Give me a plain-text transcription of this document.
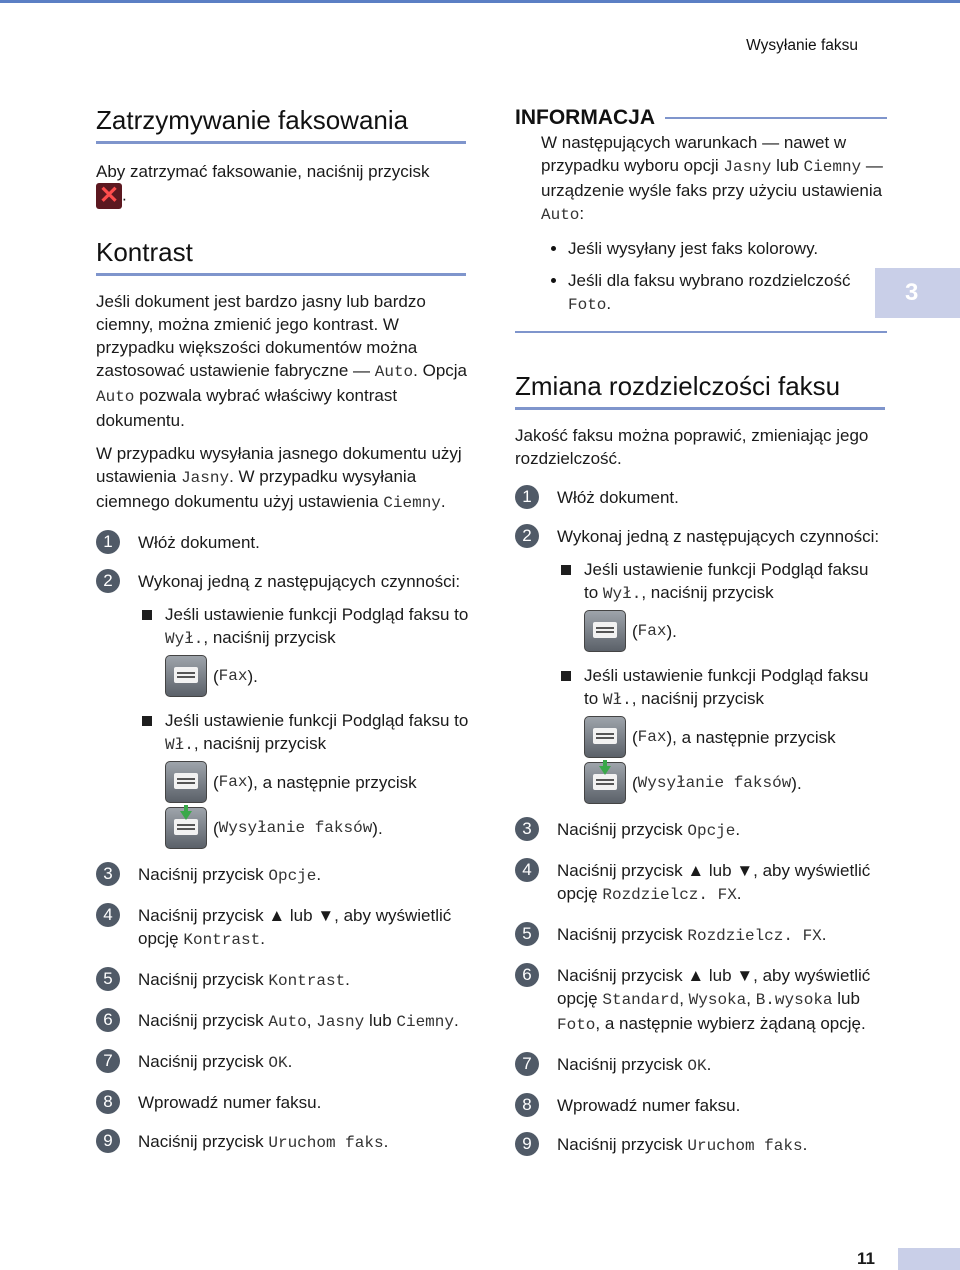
Wysyłanie faksu
3
11
Zatrzymywanie faksowania

Aby zatrzymać faksowanie, naciśnij przycisk

✕ .

Kontrast

Jeśli dokument jest bardzo jasny lub bardzo ciemny, można zmienić jego kontrast. W przypadku większości dokumentów można zastosować ustawienie fabryczne — Auto. Opcja Auto pozwala wybrać właściwy kontrast dokumentu.

W przypadku wysyłania jasnego dokumentu użyj ustawienia Jasny. W przypadku wysyłania ciemnego dokumentu użyj ustawienia Ciemny.

1	Włóż dokument.
2	Wykonaj jedną z następujących czynności:
Jeśli ustawienie funkcji Podgląd faksu to Wył., naciśnij przycisk
( Fax ).
Jeśli ustawienie funkcji Podgląd faksu to Wł., naciśnij przycisk
( Fax ), a następnie przycisk
( Wysyłanie faksów ).
3	Naciśnij przycisk Opcje.
4	Naciśnij przycisk ▲ lub ▼, aby wyświetlić opcję Kontrast.
5	Naciśnij przycisk Kontrast.
6	Naciśnij przycisk Auto, Jasny lub Ciemny.
7	Naciśnij przycisk OK.
8	Wprowadź numer faksu.
9	Naciśnij przycisk Uruchom faks.
INFORMACJA

W następujących warunkach — nawet w przypadku wyboru opcji Jasny lub Ciemny — urządzenie wyśle faks przy użyciu ustawienia Auto:

Jeśli wysyłany jest faks kolorowy.
Jeśli dla faksu wybrano rozdzielczość Foto.
Zmiana rozdzielczości faksu

Jakość faksu można poprawić, zmieniając jego rozdzielczość.

1	Włóż dokument.
2	Wykonaj jedną z następujących czynności:
Jeśli ustawienie funkcji Podgląd faksu to Wył., naciśnij przycisk
( Fax ).
Jeśli ustawienie funkcji Podgląd faksu to Wł., naciśnij przycisk
( Fax ), a następnie przycisk
( Wysyłanie faksów ).
3	Naciśnij przycisk Opcje.
4	Naciśnij przycisk ▲ lub ▼, aby wyświetlić opcję Rozdzielcz. FX.
5	Naciśnij przycisk Rozdzielcz. FX.
6	Naciśnij przycisk ▲ lub ▼, aby wyświetlić opcję Standard, Wysoka, B.wysoka lub Foto, a następnie wybierz żądaną opcję.
7	Naciśnij przycisk OK.
8	Wprowadź numer faksu.
9	Naciśnij przycisk Uruchom faks.
